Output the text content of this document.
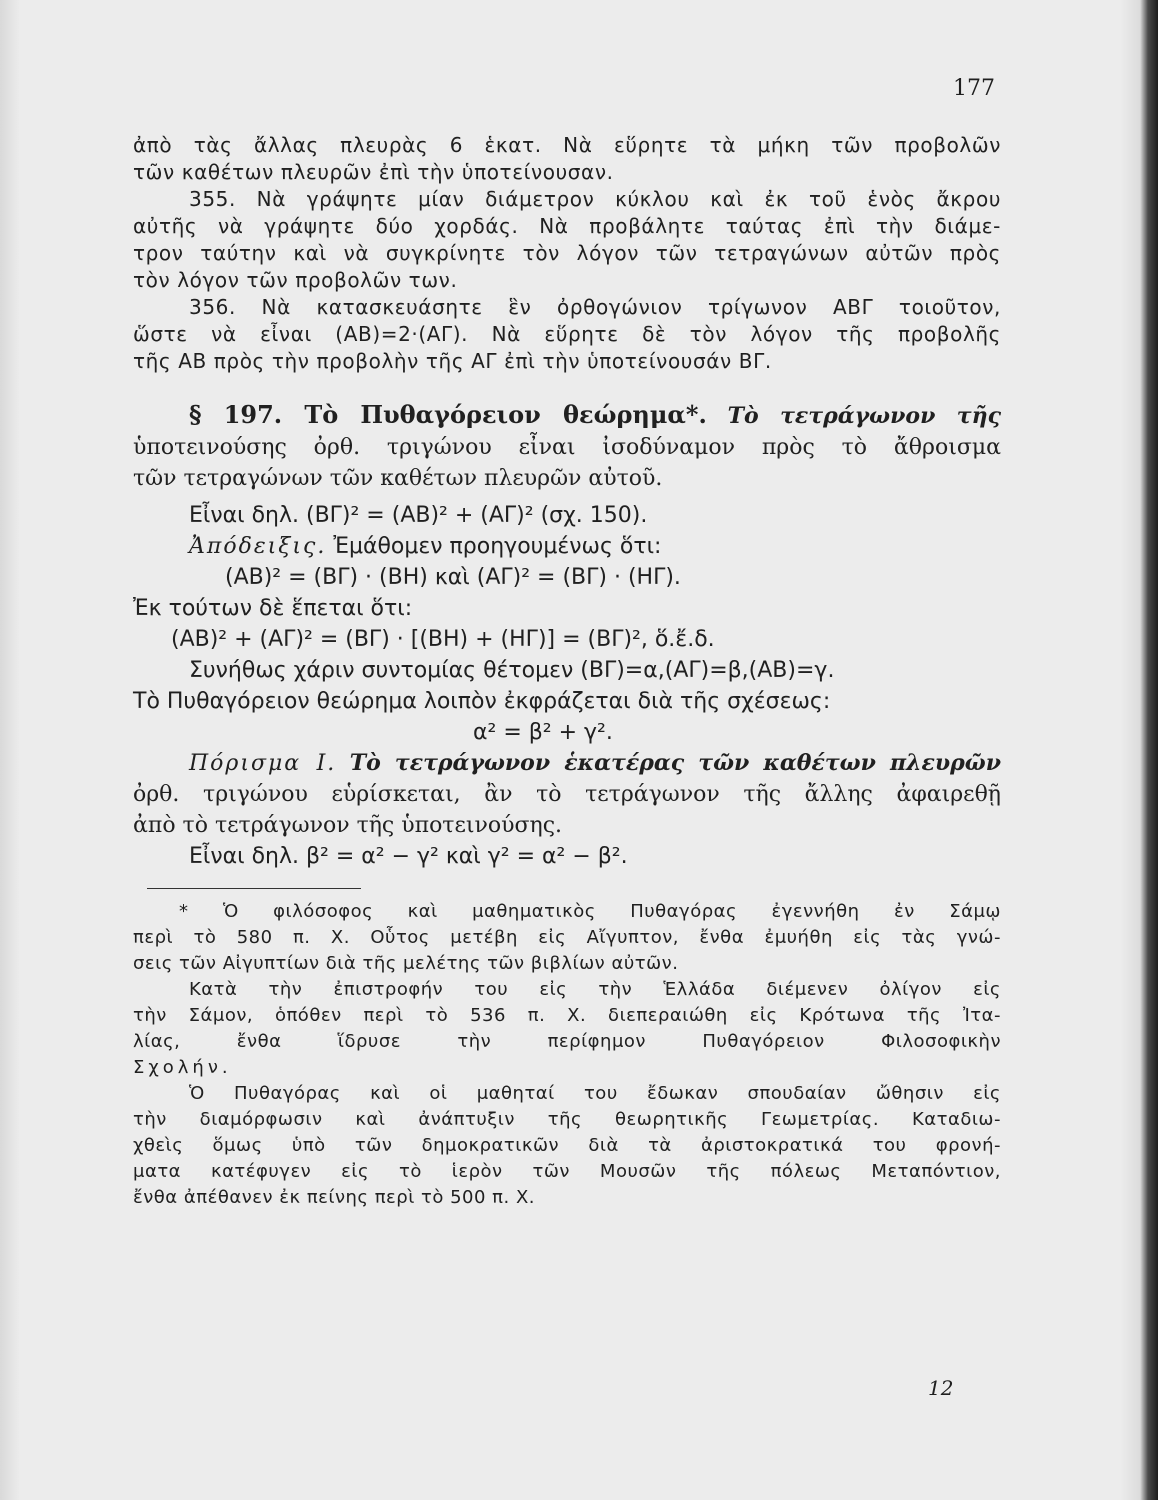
177
ἀπὸ τὰς ἄλλας πλευρὰς 6 ἑκατ. Νὰ εὕρητε τὰ μήκη τῶν προβολῶν
τῶν καθέτων πλευρῶν ἐπὶ τὴν ὑποτείνουσαν.
355. Νὰ γράψητε μίαν διάμετρον κύκλου καὶ ἐκ τοῦ ἑνὸς ἄκρου
αὐτῆς νὰ γράψητε δύο χορδάς. Νὰ προβάλητε ταύτας ἐπὶ τὴν διάμε-
τρον ταύτην καὶ νὰ συγκρίνητε τὸν λόγον τῶν τετραγώνων αὐτῶν πρὸς
τὸν λόγον τῶν προβολῶν των.
356. Νὰ κατασκευάσητε ἓν ὀρθογώνιον τρίγωνον ΑΒΓ τοιοῦτον,
ὥστε νὰ εἶναι (ΑΒ)=2·(ΑΓ). Νὰ εὕρητε δὲ τὸν λόγον τῆς προβολῆς
τῆς ΑΒ πρὸς τὴν προβολὴν τῆς ΑΓ ἐπὶ τὴν ὑποτείνουσάν ΒΓ.
§ 197. Τὸ Πυθαγόρειον θεώρημα*. Τὸ τετράγωνον τῆς
ὑποτεινούσης ὀρθ. τριγώνου εἶναι ἰσοδύναμον πρὸς τὸ ἄθροισμα
τῶν τετραγώνων τῶν καθέτων πλευρῶν αὐτοῦ.
Εἶναι δηλ. (ΒΓ)² = (ΑΒ)² + (ΑΓ)² (σχ. 150).
Ἀπόδειξις. Ἐμάθομεν προηγουμένως ὅτι:
(ΑΒ)² = (ΒΓ) · (ΒΗ) καὶ (ΑΓ)² = (ΒΓ) · (ΗΓ).
Ἐκ τούτων δὲ ἕπεται ὅτι:
(ΑΒ)² + (ΑΓ)² = (ΒΓ) · [(ΒΗ) + (ΗΓ)] = (ΒΓ)², ὅ.ἔ.δ.
Συνήθως χάριν συντομίας θέτομεν (ΒΓ)=α,(ΑΓ)=β,(ΑΒ)=γ.
Τὸ Πυθαγόρειον θεώρημα λοιπὸν ἐκφράζεται διὰ τῆς σχέσεως:
α² = β² + γ².
Πόρισμα Ι. Τὸ τετράγωνον ἑκατέρας τῶν καθέτων πλευρῶν
ὀρθ. τριγώνου εὑρίσκεται, ἂν τὸ τετράγωνον τῆς ἄλλης ἀφαιρεθῇ
ἀπὸ τὸ τετράγωνον τῆς ὑποτεινούσης.
Εἶναι δηλ. β² = α² − γ² καὶ γ² = α² − β².
* Ὁ φιλόσοφος καὶ μαθηματικὸς Πυθαγόρας ἐγεννήθη ἐν Σάμῳ
περὶ τὸ 580 π. Χ. Οὗτος μετέβη εἰς Αἴγυπτον, ἔνθα ἐμυήθη εἰς τὰς γνώ-
σεις τῶν Αἰγυπτίων διὰ τῆς μελέτης τῶν βιβλίων αὐτῶν.
Κατὰ τὴν ἐπιστροφήν του εἰς τὴν Ἑλλάδα διέμενεν ὀλίγον εἰς
τὴν Σάμον, ὁπόθεν περὶ τὸ 536 π. Χ. διεπεραιώθη εἰς Κρότωνα τῆς Ἰτα-
λίας, ἔνθα ἵδρυσε τὴν περίφημον Πυθαγόρειον Φιλοσοφικὴν
Σχολήν.
Ὁ Πυθαγόρας καὶ οἱ μαθηταί του ἔδωκαν σπουδαίαν ὤθησιν εἰς
τὴν διαμόρφωσιν καὶ ἀνάπτυξιν τῆς θεωρητικῆς Γεωμετρίας. Καταδιω-
χθεὶς ὅμως ὑπὸ τῶν δημοκρατικῶν διὰ τὰ ἀριστοκρατικά του φρονή-
ματα κατέφυγεν εἰς τὸ ἱερὸν τῶν Μουσῶν τῆς πόλεως Μεταπόντιον,
ἔνθα ἀπέθανεν ἐκ πείνης περὶ τὸ 500 π. Χ.
12
